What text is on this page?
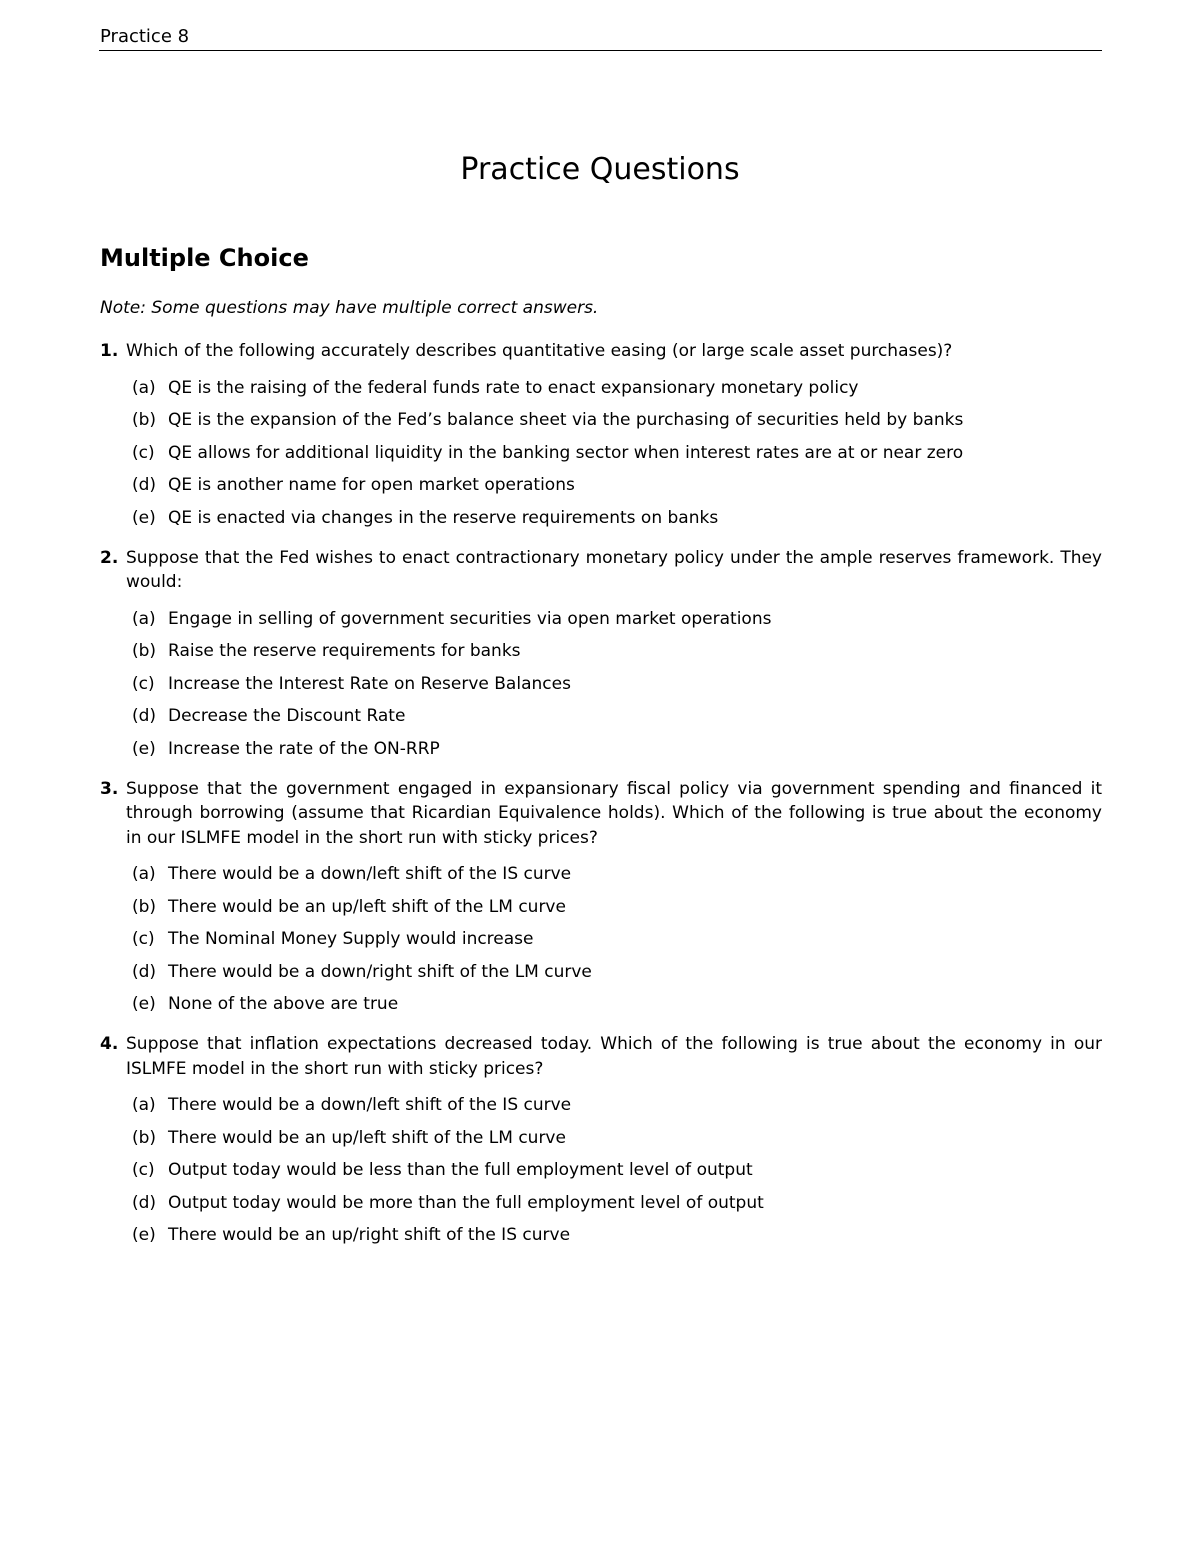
Practice 8
Practice Questions
Multiple Choice
Note: Some questions may have multiple correct answers.
1. Which of the following accurately describes quantitative easing (or large scale asset purchases)?

(a) QE is the raising of the federal funds rate to enact expansionary monetary policy
(b) QE is the expansion of the Fed’s balance sheet via the purchasing of securities held by banks
(c) QE allows for additional liquidity in the banking sector when interest rates are at or near zero
(d) QE is another name for open market operations
(e) QE is enacted via changes in the reserve requirements on banks
2. Suppose that the Fed wishes to enact contractionary monetary policy under the ample reserves framework. They would:

(a) Engage in selling of government securities via open market operations
(b) Raise the reserve requirements for banks
(c) Increase the Interest Rate on Reserve Balances
(d) Decrease the Discount Rate
(e) Increase the rate of the ON-RRP
3. Suppose that the government engaged in expansionary fiscal policy via government spending and financed it through borrowing (assume that Ricardian Equivalence holds). Which of the following is true about the economy in our ISLMFE model in the short run with sticky prices?

(a) There would be a down/left shift of the IS curve
(b) There would be an up/left shift of the LM curve
(c) The Nominal Money Supply would increase
(d) There would be a down/right shift of the LM curve
(e) None of the above are true
4. Suppose that inflation expectations decreased today. Which of the following is true about the economy in our ISLMFE model in the short run with sticky prices?

(a) There would be a down/left shift of the IS curve
(b) There would be an up/left shift of the LM curve
(c) Output today would be less than the full employment level of output
(d) Output today would be more than the full employment level of output
(e) There would be an up/right shift of the IS curve
